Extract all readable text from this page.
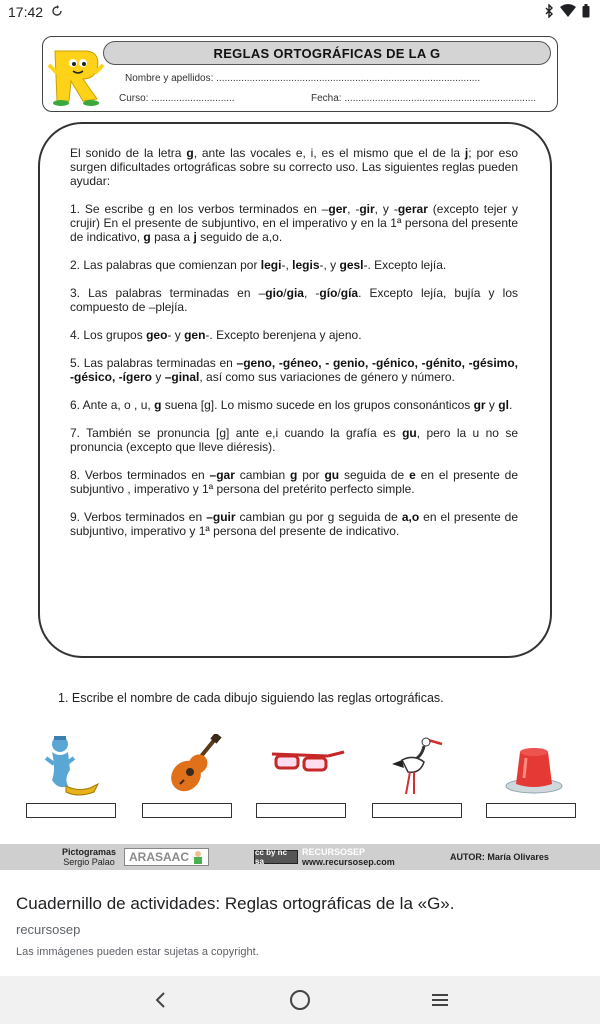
17:42
REGLAS ORTOGRÁFICAS DE LA G
Nombre y apellidos: ...............................................................................................
Curso: ..............................	Fecha: .....................................................................
El sonido de la letra g, ante las vocales e, i, es el mismo que el de la j; por eso surgen dificultades ortográficas sobre su correcto uso. Las siguientes reglas pueden ayudar:
1. Se escribe g en los verbos terminados en –ger, -gir, y -gerar (excepto tejer y crujir) En el presente de subjuntivo, en el imperativo y en la 1ª persona del presente de indicativo, g pasa a j seguido de a,o.
2. Las palabras que comienzan por legi-, legis-, y gesl-. Excepto lejía.
3. Las palabras terminadas en –gio/gia, -gío/gía. Excepto lejía, bujía y los compuesto de –plejía.
4. Los grupos geo- y gen-. Excepto berenjena y ajeno.
5. Las palabras terminadas en –geno, -géneo, - genio, -génico, -génito, -gésimo, -gésico, -ígero y –ginal, así como sus variaciones de género y número.
6. Ante a, o , u, g suena [g]. Lo mismo sucede en los grupos consonánticos gr y gl.
7. También se pronuncia [g] ante e,i cuando la grafía es gu, pero la u no se pronuncia (excepto que lleve diéresis).
8. Verbos terminados en –gar cambian g por gu seguida de e en el presente de subjuntivo , imperativo y 1ª persona del pretérito perfecto simple.
9. Verbos terminados en –guir cambian gu por g seguida de a,o en el presente de subjuntivo, imperativo y 1ª persona del presente de indicativo.
1. Escribe el nombre de cada dibujo siguiendo las reglas ortográficas.
Pictogramas
Sergio Palao ARASAAC	cc by nc sa
RECURSOSEP
www.recursosep.com	AUTOR: María Olivares
Cuadernillo de actividades: Reglas ortográficas de la «G».
recursosep
Las immágenes pueden estar sujetas a copyright.
